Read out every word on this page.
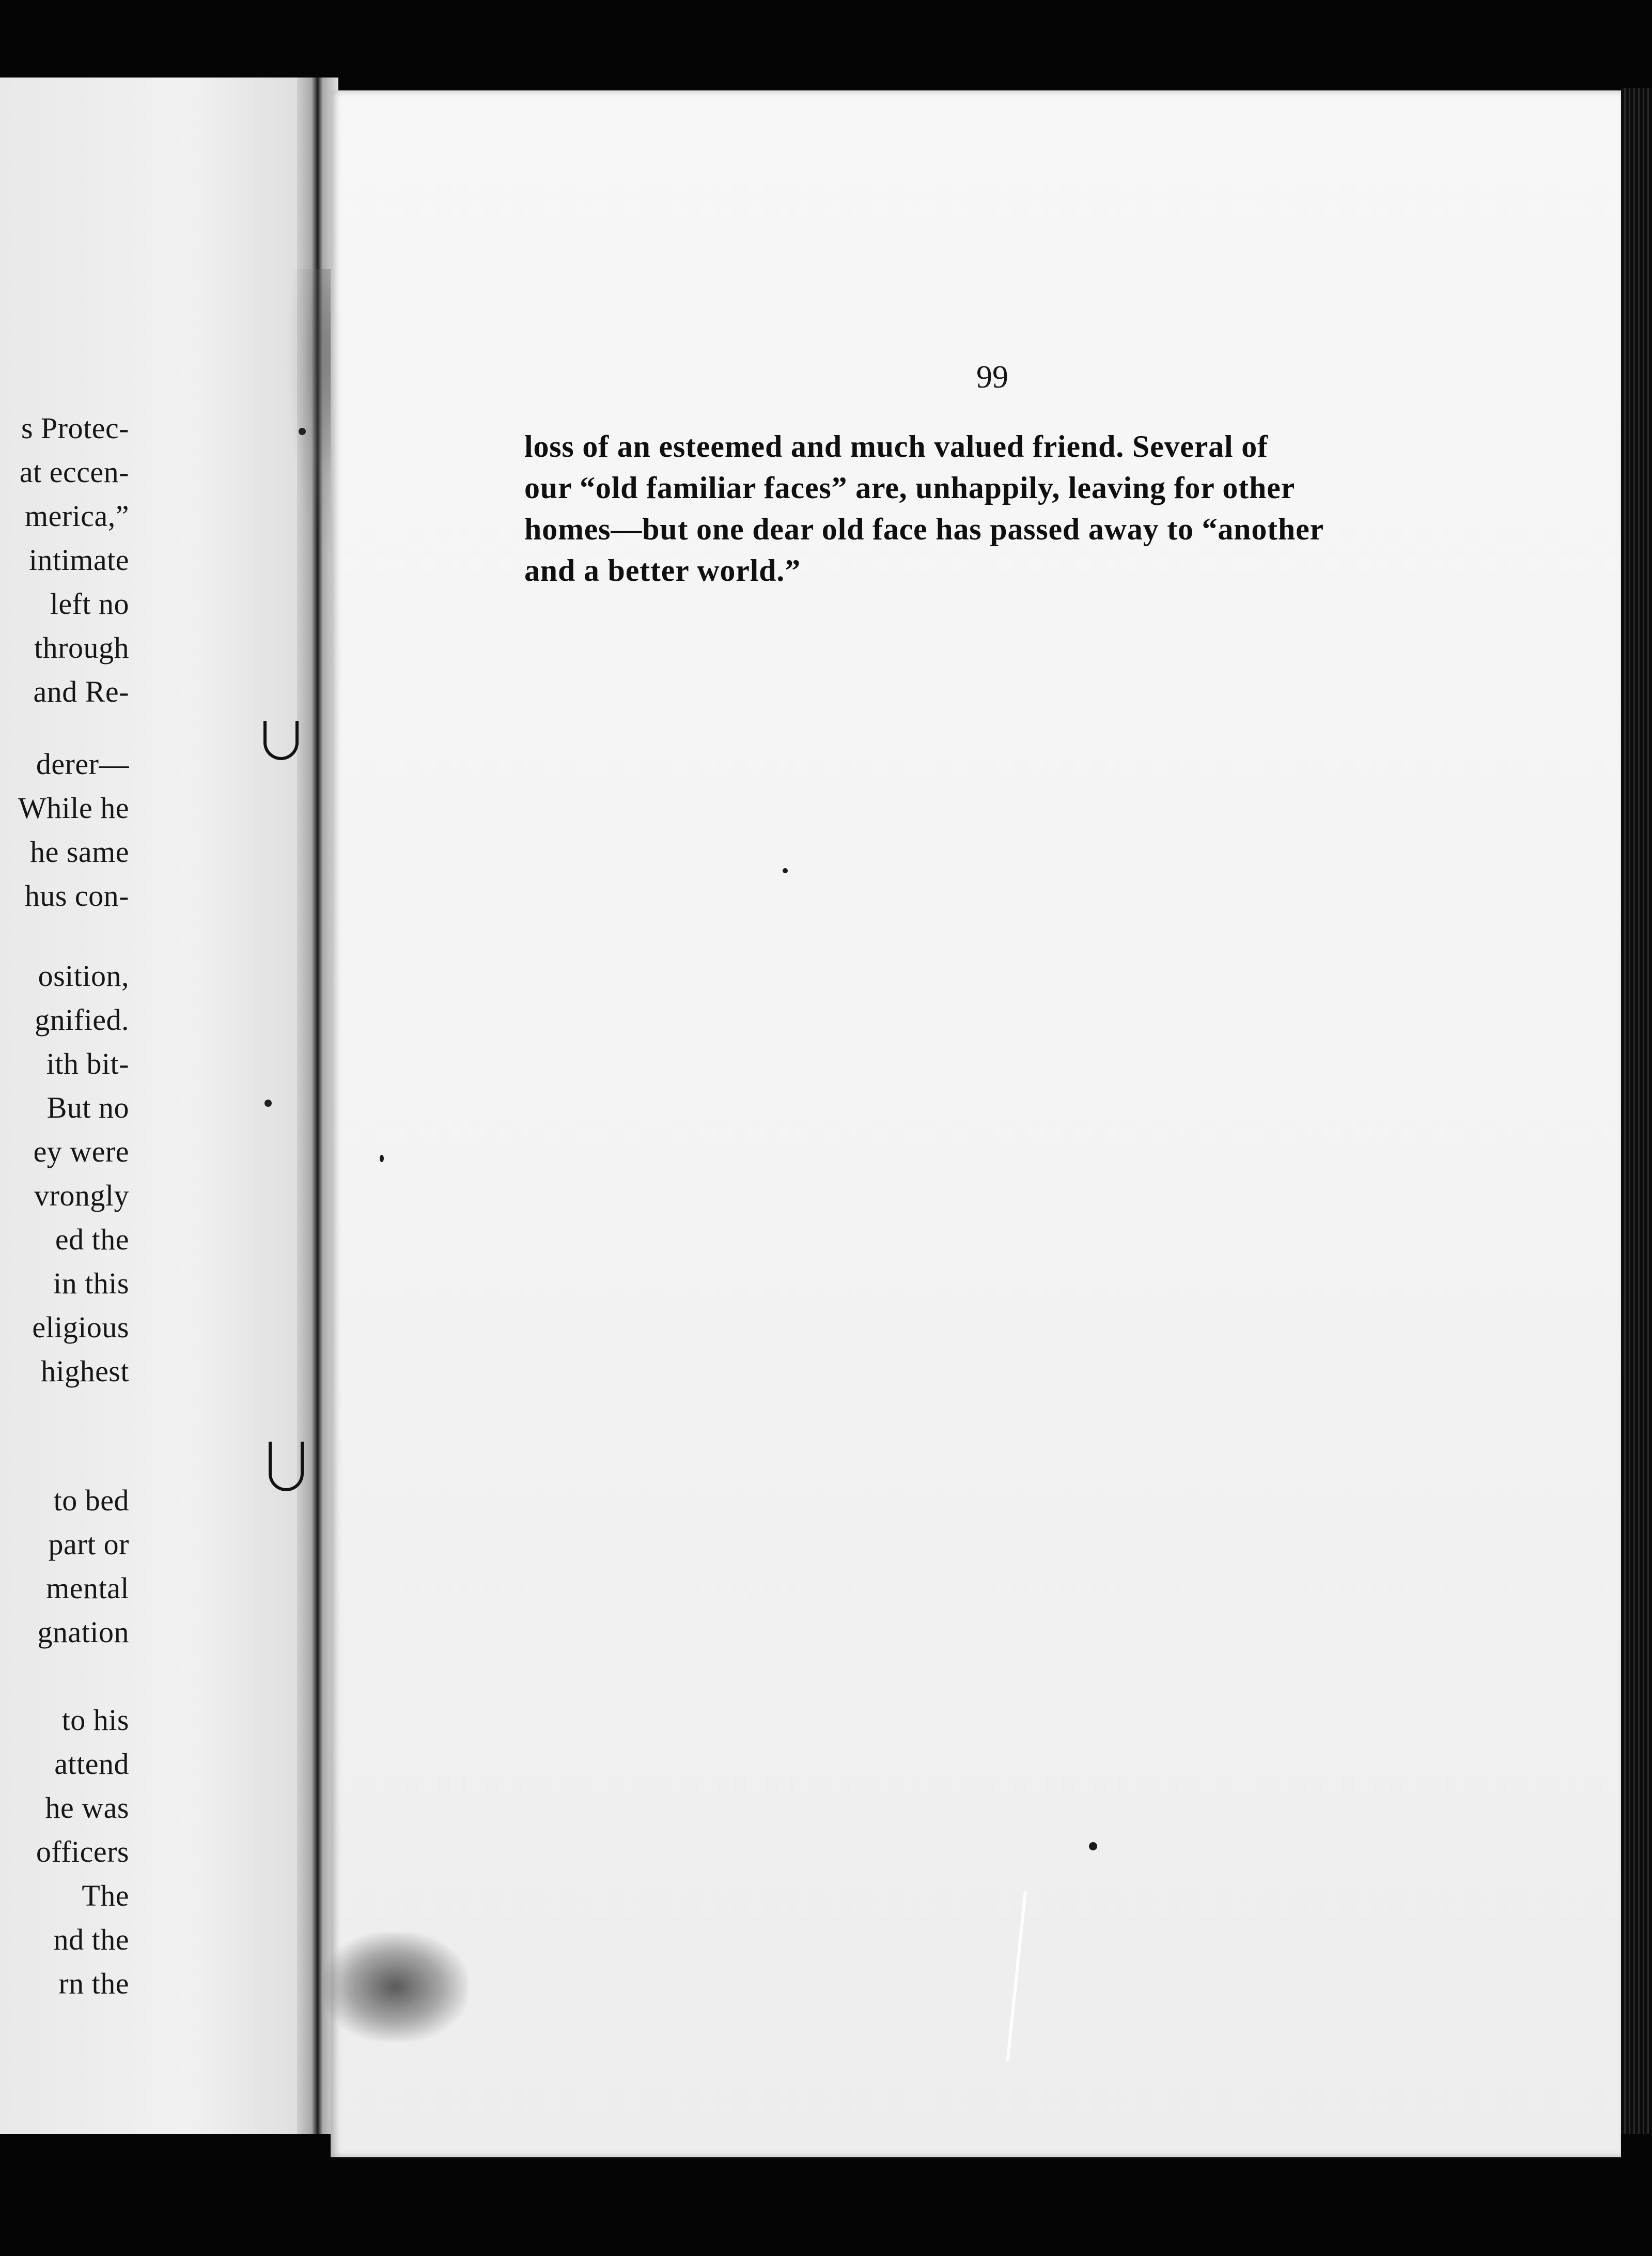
s Protec-
at eccen-
merica,”
intimate
left no
through
and Re-
derer—
While he
he same
hus con-
osition,
gnified.
ith bit-
But no
ey were
vrongly
ed the
in this
eligious
highest
to bed
part or
mental
gnation
to his
attend
he was
officers
The
nd the
rn the
99
loss of an esteemed and much valued friend. Several of
our “old familiar faces” are, unhappily, leaving for other
homes—but one dear old face has passed away to “another
and a better world.”
